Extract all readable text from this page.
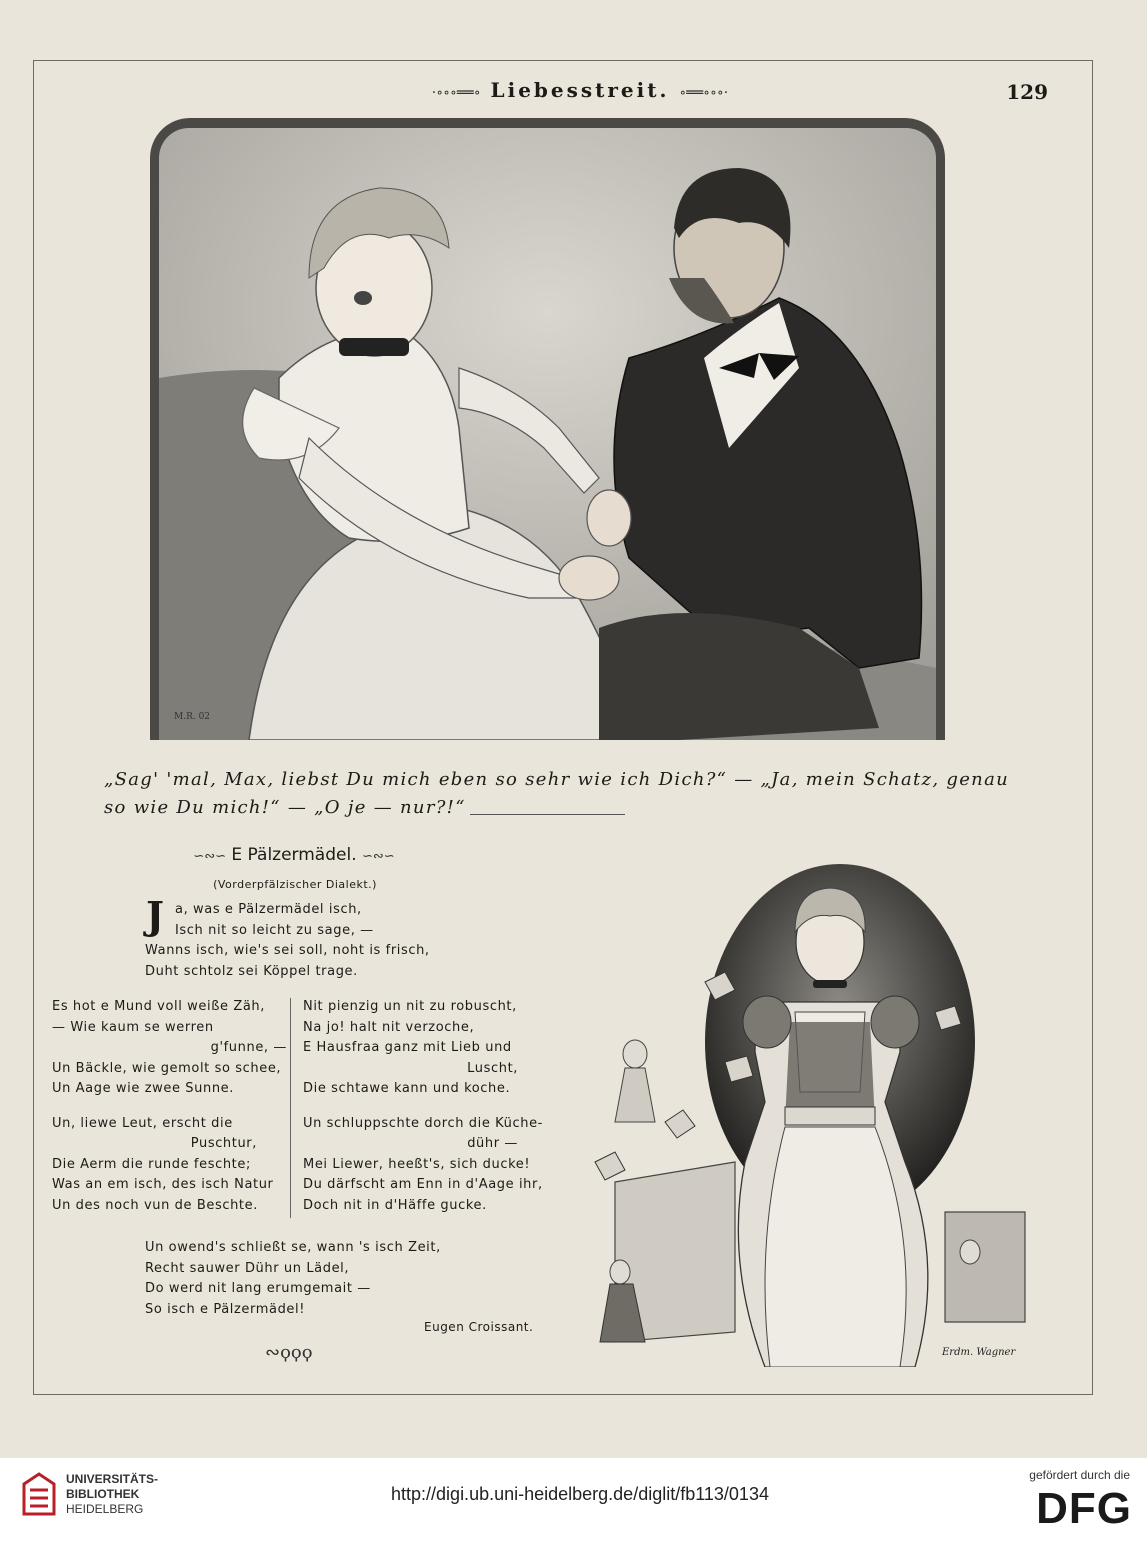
·∘∘∘══∘ Liebesstreit. ∘══∘∘∘·	129
M.R. 02
„Sag' 'mal, Max, liebst Du mich eben so sehr wie ich Dich?“ — „Ja, mein Schatz, genau so wie Du mich!“ — „O je — nur?!“
∽∾∽ E Pälzermädel. ∽∾∽
(Vorderpfälzischer Dialekt.)
J a, was e Pälzermädel isch,
Isch nit so leicht zu sage, —
Wanns isch, wie's sei soll, noht is frisch,
Duht schtolz sei Köppel trage.
Es hot e Mund voll weiße Zäh,
— Wie kaum se werren
g'funne, —
Un Bäckle, wie gemolt so schee,
Un Aage wie zwee Sunne.
Un, liewe Leut, erscht die
Puschtur,
Die Aerm die runde feschte;
Was an em isch, des isch Natur
Un des noch vun de Beschte.
Nit pienzig un nit zu robuscht,
Na jo! halt nit verzoche,
E Hausfraa ganz mit Lieb und
Luscht,
Die schtawe kann und koche.
Un schluppschte dorch die Küche-
dühr —
Mei Liewer, heeßt's, sich ducke!
Du därfscht am Enn in d'Aage ihr,
Doch nit in d'Häffe gucke.
Un owend's schließt se, wann 's isch Zeit,
Recht sauwer Dühr un Lädel,
Do werd nit lang erumgemait —
So isch e Pälzermädel!
Eugen Croissant.
∾ϙϙϙ	Erdm. Wagner
UNIVERSITÄTS-
BIBLIOTHEK
HEIDELBERG
http://digi.ub.uni-heidelberg.de/diglit/fb113/0134
gefördert durch die
DFG
